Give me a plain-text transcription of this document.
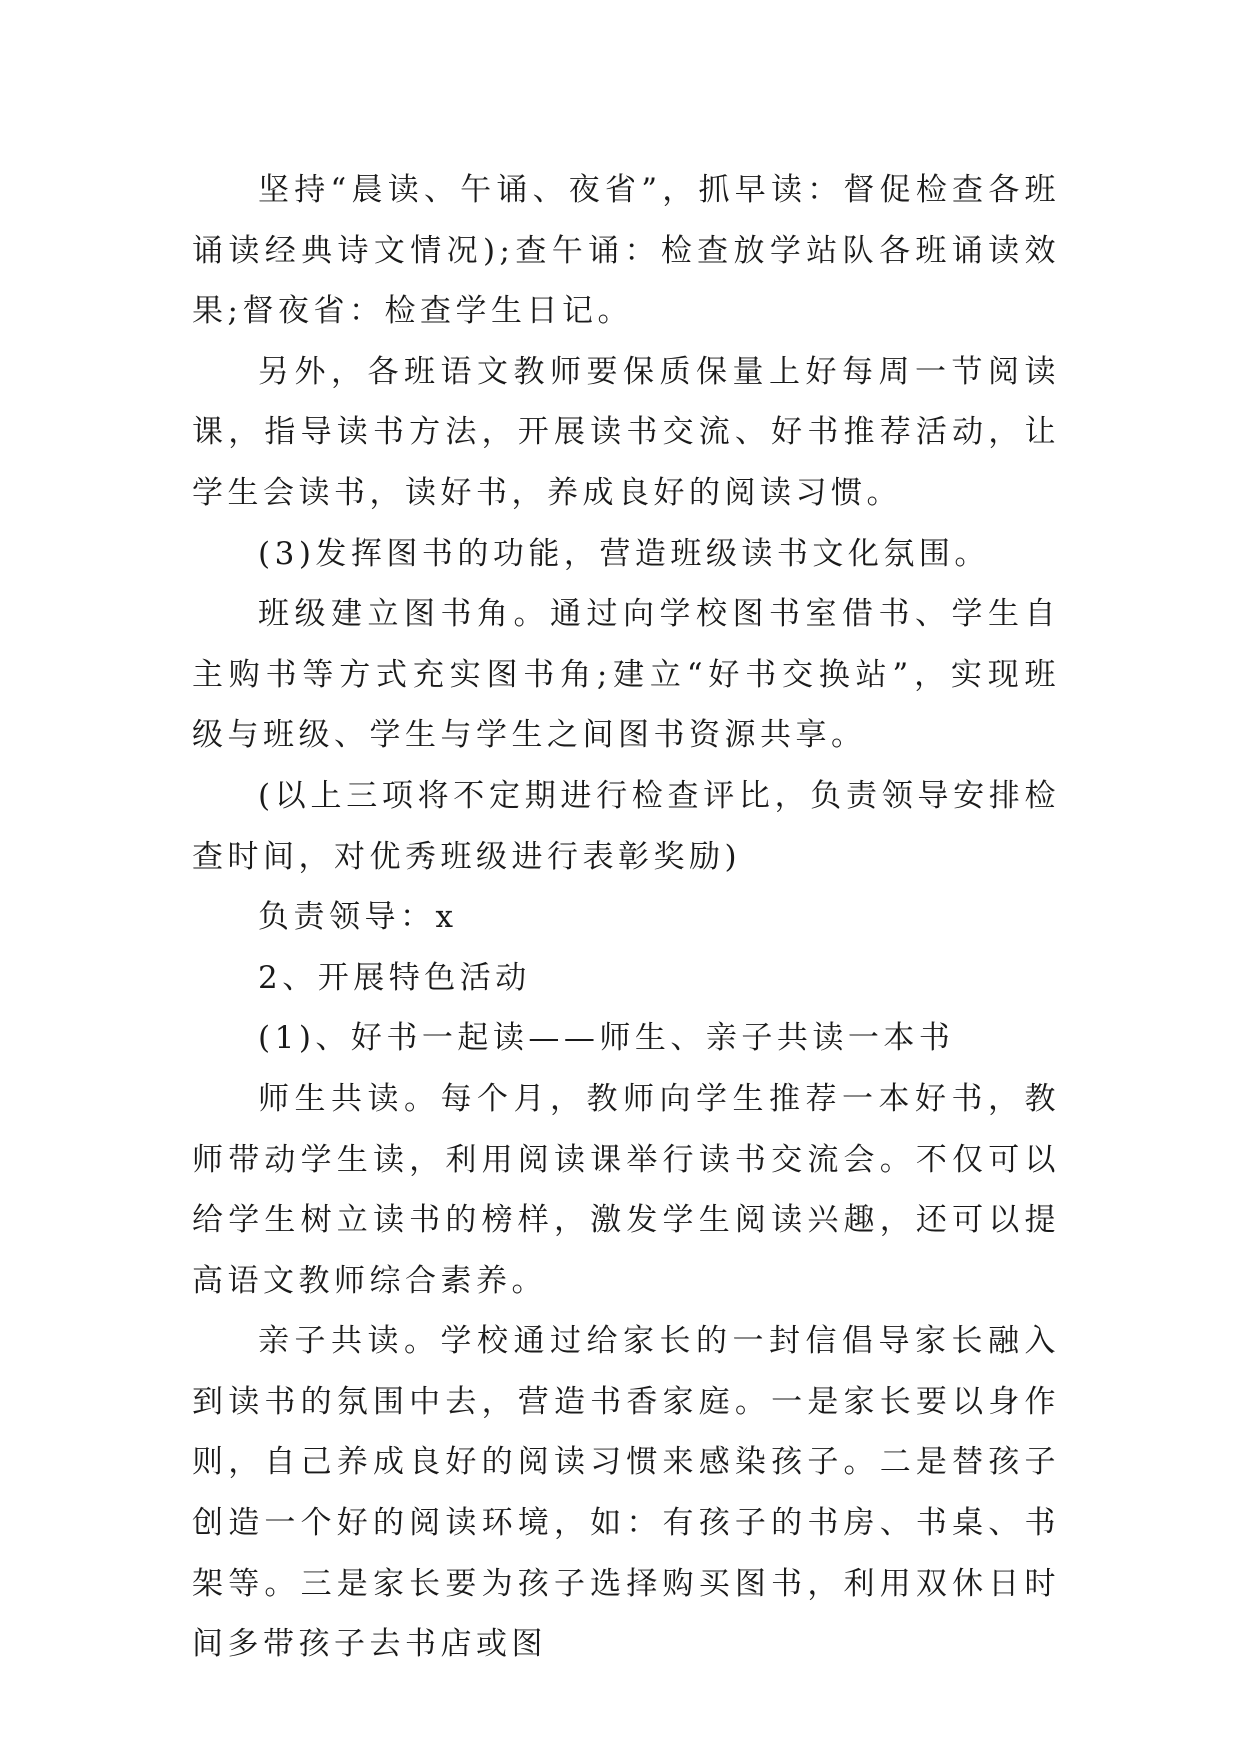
坚持“晨读、午诵、夜省”，抓早读：督促检查各班诵读经典诗文情况);查午诵：检查放学站队各班诵读效果;督夜省：检查学生日记。

另外，各班语文教师要保质保量上好每周一节阅读课，指导读书方法，开展读书交流、好书推荐活动，让学生会读书，读好书，养成良好的阅读习惯。

(3)发挥图书的功能，营造班级读书文化氛围。

班级建立图书角。通过向学校图书室借书、学生自主购书等方式充实图书角;建立“好书交换站”，实现班级与班级、学生与学生之间图书资源共享。

(以上三项将不定期进行检查评比，负责领导安排检查时间，对优秀班级进行表彰奖励)

负责领导：x

2、开展特色活动

(1)、好书一起读——师生、亲子共读一本书

师生共读。每个月，教师向学生推荐一本好书，教师带动学生读，利用阅读课举行读书交流会。不仅可以给学生树立读书的榜样，激发学生阅读兴趣，还可以提高语文教师综合素养。

亲子共读。学校通过给家长的一封信倡导家长融入到读书的氛围中去，营造书香家庭。一是家长要以身作则，自己养成良好的阅读习惯来感染孩子。二是替孩子创造一个好的阅读环境，如：有孩子的书房、书桌、书架等。三是家长要为孩子选择购买图书，利用双休日时间多带孩子去书店或图
